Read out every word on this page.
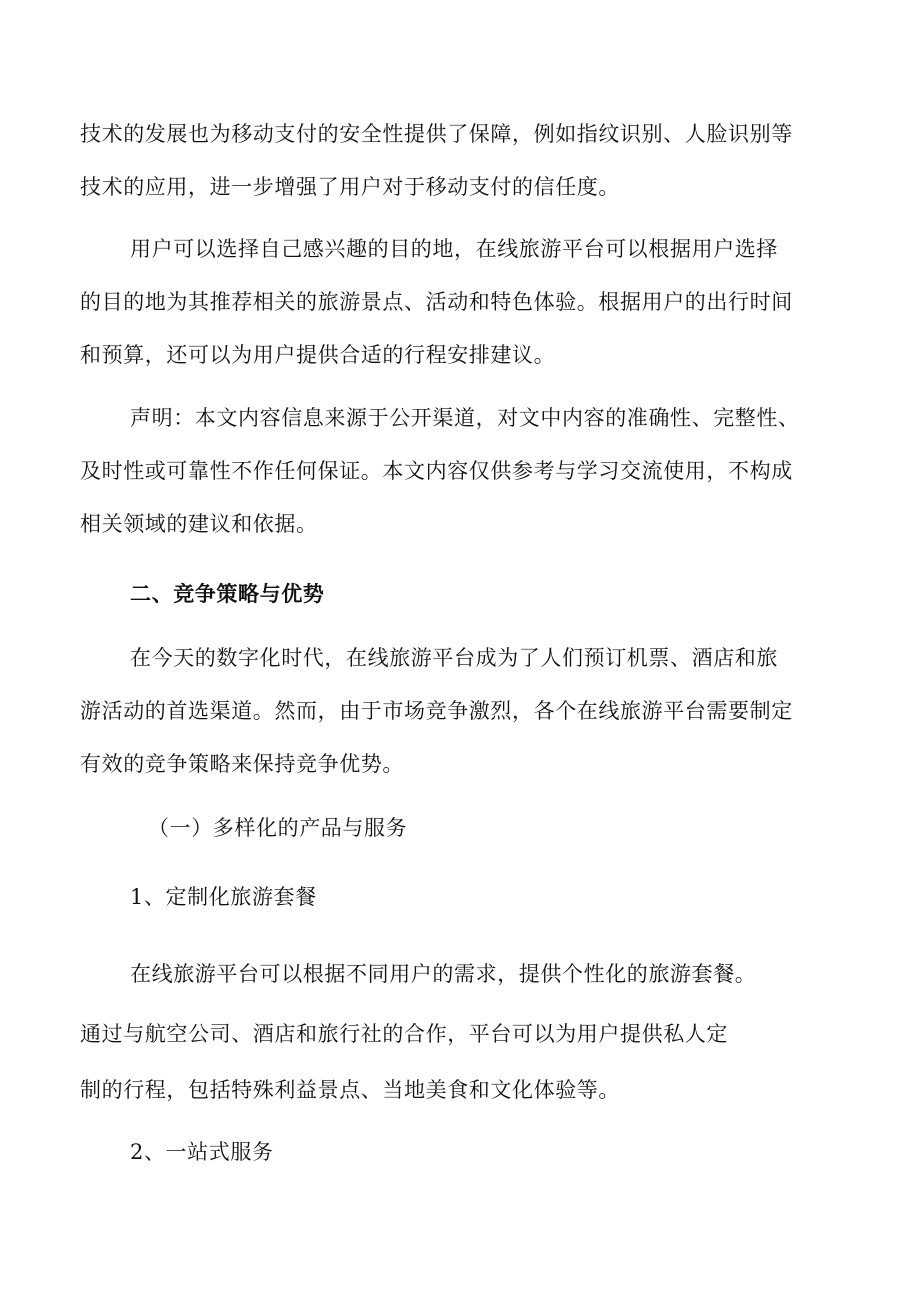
技术的发展也为移动支付的安全性提供了保障，例如指纹识别、人脸识别等
技术的应用，进一步增强了用户对于移动支付的信任度。
用户可以选择自己感兴趣的目的地，在线旅游平台可以根据用户选择
的目的地为其推荐相关的旅游景点、活动和特色体验。根据用户的出行时间
和预算，还可以为用户提供合适的行程安排建议。
声明：本文内容信息来源于公开渠道，对文中内容的准确性、完整性、
及时性或可靠性不作任何保证。本文内容仅供参考与学习交流使用，不构成
相关领域的建议和依据。
二、竞争策略与优势
在今天的数字化时代，在线旅游平台成为了人们预订机票、酒店和旅
游活动的首选渠道。然而，由于市场竞争激烈，各个在线旅游平台需要制定
有效的竞争策略来保持竞争优势。
（一）多样化的产品与服务
1、定制化旅游套餐
在线旅游平台可以根据不同用户的需求，提供个性化的旅游套餐。
通过与航空公司、酒店和旅行社的合作，平台可以为用户提供私人定
制的行程，包括特殊利益景点、当地美食和文化体验等。
2、一站式服务
